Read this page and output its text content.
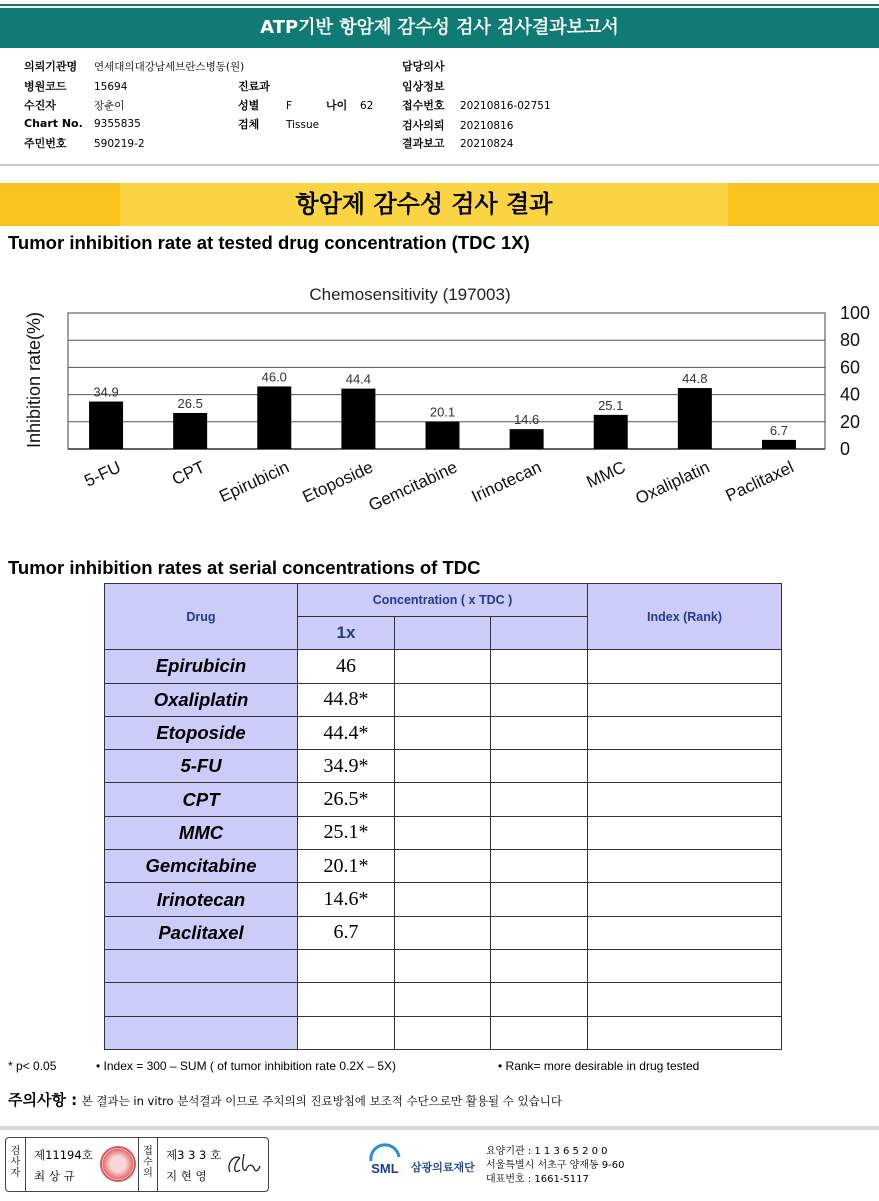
ATP기반 항암제 감수성 검사 검사결과보고서
의뢰기관명 연세대의대강남세브란스병동(원)
병원코드	15694
수진자	장춘이
Chart No. 9355835
주민번호	590219-2
진료과
성별	F	나이 62
검체	Tissue
담당의사
임상정보
접수번호 20210816-02751
검사의뢰 20210816
결과보고 20210824
항암제 감수성 검사 결과
Tumor inhibition rate at tested drug concentration (TDC 1X)
34.9
26.5
46.0	44.4
20.1	14.6
25.1
44.8
6.7
0
20
40
60
80
100
5-FU	CPT Epirubicin Etoposide
Gemcitabine Irinotecan MMC Oxaliplatin Paclitaxel
Chemosensitivity (197003)
Inhibition rate(%)
Tumor inhibition rates at serial concentrations of TDC
Drug	Concentration ( x TDC )			Index (Rank)
	1x			
Epirubicin	46			
Oxaliplatin	44.8*			
Etoposide	44.4*			
5-FU	34.9*			
CPT	26.5*			
MMC	25.1*			
Gemcitabine	20.1*			
Irinotecan	14.6*			
Paclitaxel	6.7			

* p< 0.05	• Index = 300 – SUM ( of tumor inhibition rate 0.2X – 5X)	• Rank= more desirable in drug tested
주의사항 : 본 결과는 in vitro 분석결과 이므로 주치의의 진료방침에 보조적 수단으로만 활용될 수 있습니다
검사자
제11194호
최 상 규
접수의
제3 3 3 호
지 현 영	SML 삼광의료재단
요양기관 : 1 1 3 6 5 2 0 0
서울특별시 서초구 양재동 9-60
대표번호 : 1661-5117
